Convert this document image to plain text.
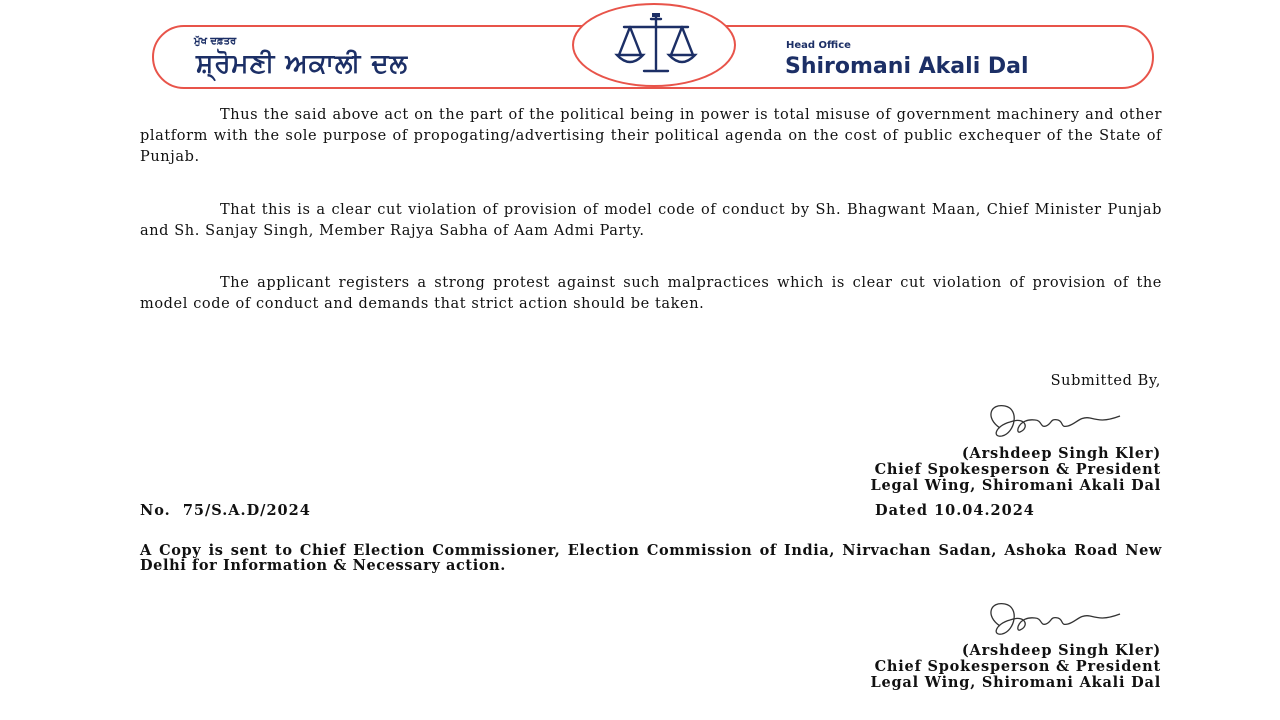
ਮੁੱਖ ਦਫ਼ਤਰ
ਸ਼੍ਰੋਮਣੀ ਅਕਾਲੀ ਦਲ
Head Office
Shiromani Akali Dal

Thus the said above act on the part of the political being in power is total misuse of government machinery and other platform with the sole purpose of propogating/advertising their political agenda on the cost of public exchequer of the State of Punjab.

That this is a clear cut violation of provision of model code of conduct by Sh. Bhagwant Maan, Chief Minister Punjab and Sh. Sanjay Singh, Member Rajya Sabha of Aam Admi Party.

The applicant registers a strong protest against such malpractices which is clear cut violation of provision of the model code of conduct and demands that strict action should be taken.

Submitted By,
(Arshdeep Singh Kler)
Chief Spokesperson & President
Legal Wing, Shiromani Akali Dal
No.  75/S.A.D/2024	Dated 10.04.2024

A Copy is sent to Chief Election Commissioner, Election Commission of India, Nirvachan Sadan, Ashoka Road New Delhi for Information & Necessary action.

(Arshdeep Singh Kler)
Chief Spokesperson & President
Legal Wing, Shiromani Akali Dal
